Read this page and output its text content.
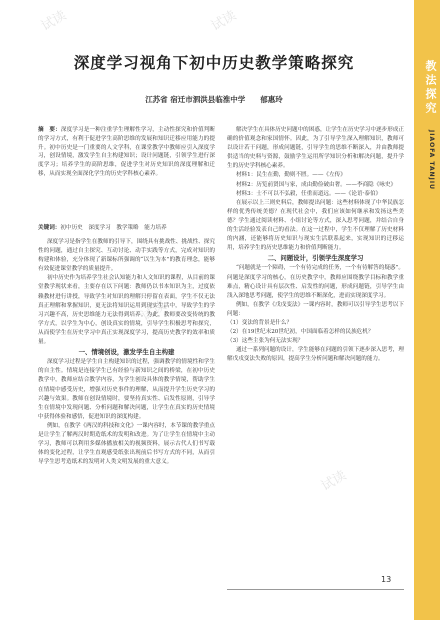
试读	试读
试读
试读
教法探究
JIAOFA TANJIU
深度学习视角下初中历史教学策略探究
江苏省 宿迁市泗洪县临淮中学　　郁惠玲
摘　要：深度学习是一种注重学生理解性学习，主动性探究和价值判断的学习方式，有利于促进学生高阶思维的发展和知识迁移应用能力的提升。初中历史是一门重要的人文学科，在课堂教学中教师应引入深度学习，创设情境，激发学生自主构建知识；设计问题链，引领学生进行深度学习；培养学生的高阶思维，促进学生对历史知识的深度理解和迁移，从而实现全面深化学生的历史学科核心素养。
关键词：初中历史　深度学习　教学策略　能力培养

深度学习是指学生在教师的引导下，围绕具有挑战性、挑战性、探究性的问题，通过自主探究、互动讨论、动手实践等方式，完成对知识的构建和体验，充分体现了新课标所强调的“以生为本”的教育理念，能够有效促进课堂教学的质量提升。

初中历史作为培养学生社会认知能力和人文知识的课程，从目前的课堂教学现状来看，主要存在以下问题：教师仍以书本知识为主，过度依赖教材进行讲授，导致学生对知识的理解只停留在表面，学生不仅无法真正理解和掌握知识，更无法将知识运用到现实生活中，导致学生的学习兴趣不高，历史思维能力无法得到培养。为此，教师要改变传统的教学方式，以学生为中心，创设真实的情境，引导学生积极思考和探究，从而使学生在历史学习中真正实现深度学习，提高历史教学的效率和质量。

一、情境创设，激发学生自主构建

深度学习过程是学生自主构建知识的过程，强调教学的情境性和学生的自主性。情境是连接学生已有经验与新知识之间的桥梁，在初中历史教学中，教师应结合教学内容，为学生创设具体的教学情境，帮助学生在情境中感受历史，增强对历史事件的理解，从而提升学生历史学习的兴趣与效果。教师在创设情境时，要坚持真实性、启发性原则，引导学生在情境中发现问题、分析问题和解决问题，让学生在真实的历史情境中获得体验和感悟，促进知识的深度构建。

例如，在教学《两汉的科技和文化》一课内容时，本节课的教学重点是让学生了解两汉时期造纸术的发明和改进。为了让学生在情境中主动学习，教师可以利用多媒体播放相关的视频资料，展示古代人们书写载体的变化过程，让学生直观感受纸张出现前后书写方式的不同，从而引导学生思考造纸术的发明对人类文明发展的重大意义。

解决学生在具体历史问题中的困惑，让学生在历史学习中逐步形成正确的价值观念和家国情怀。因此，为了引导学生深入理解知识，教师可以设计若干问题，形成问题链，引导学生的思维不断深入，并由教师提供适当的史料与资源，鼓励学生运用所学知识分析和解决问题，提升学生的历史学科核心素养。

材料1：民生在勤，勤则不匮。——《左传》

材料2：历览前贤国与家，成由勤俭破由奢。——李商隐《咏史》

材料3：士不可以不弘毅，任重而道远。——《论语·泰伯》

在展示以上三则史料后，教师提出问题：这些材料体现了中华民族怎样的优秀传统美德？在现代社会中，我们应该如何继承和发扬这些美德？学生通过阅读材料、小组讨论等方式，深入思考问题，并结合自身的生活经验发表自己的看法。在这一过程中，学生不仅理解了历史材料的内涵，还能够将历史知识与现实生活联系起来，实现知识的迁移运用，培养学生的历史思维能力和价值判断能力。

二、问题设计，引领学生深度学习

“问题就是一个障碍，一个有待完成的任务，一个有待解答的疑惑”。问题是深度学习的核心，在历史教学中，教师应围绕教学目标和教学重难点，精心设计具有层次性、启发性的问题，形成问题链，引导学生由浅入深地思考问题，使学生的思维不断深化，进而实现深度学习。

例如，在教学《戊戌变法》一课内容时，教师可以引导学生思考以下问题：

（1）变法的背景是什么？

（2）在19世纪末20世纪初，中国面临着怎样的民族危机？

（3）这些主张为何无法实现？

通过一系列问题的设计，学生能够在问题的引领下逐步深入思考，理解戊戌变法失败的原因，提高学生分析问题和解决问题的能力。

13
